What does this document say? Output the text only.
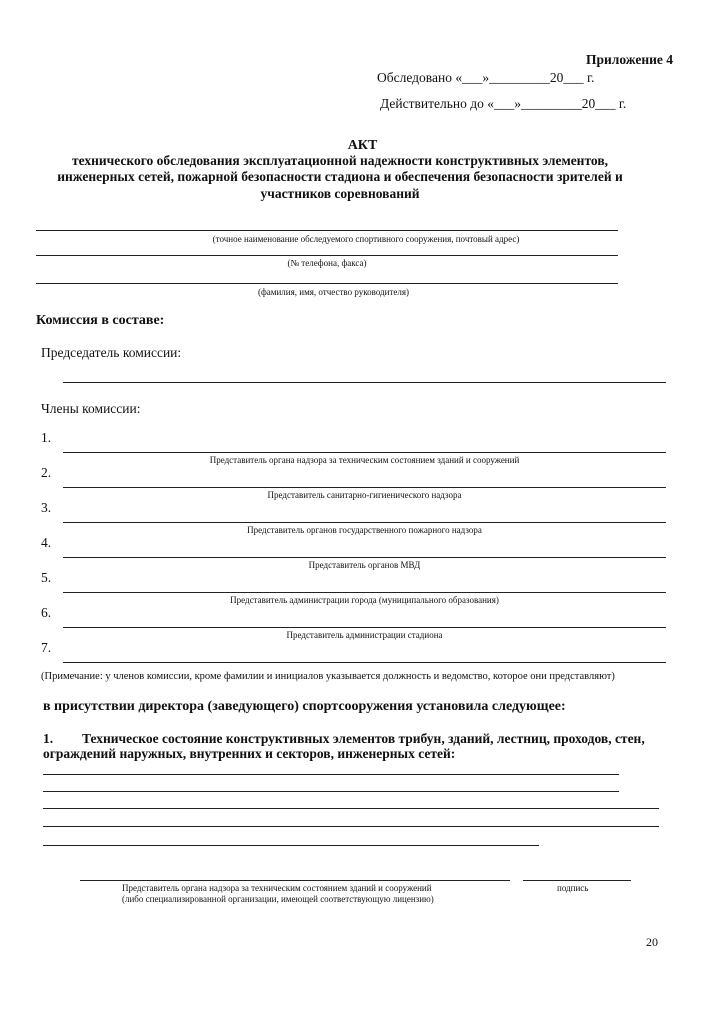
Приложение 4
Обследовано «___»_________20___ г.
Действительно до «___»_________20___ г.
АКТ
технического обследования эксплуатационной надежности конструктивных элементов,
инженерных сетей, пожарной безопасности стадиона и обеспечения безопасности зрителей и
участников соревнований
(точное наименование обследуемого спортивного сооружения, почтовый адрес)
(№ телефона, факса)
(фамилия, имя, отчество руководителя)
Комиссия в составе:
Председатель комиссии:
Члены комиссии:
1.
Представитель органа надзора за техническим состоянием зданий и сооружений
2.
Представитель санитарно-гигиенического надзора
3.
Представитель органов государственного пожарного надзора
4.
Представитель органов МВД
5.
Представитель администрации города (муниципального образования)
6.
Представитель администрации стадиона
7.
(Примечание: у членов комиссии, кроме фамилии и инициалов указывается должность и ведомство, которое они представляют)
в присутствии директора (заведующего) спортсооружения установила следующее:
1. Техническое состояние конструктивных элементов трибун, зданий, лестниц, проходов, стен,
ограждений наружных, внутренних и секторов, инженерных сетей:
Представитель органа надзора за техническим состоянием зданий и сооружений
(либо специализированной организации, имеющей соответствующую лицензию)
подпись
20
